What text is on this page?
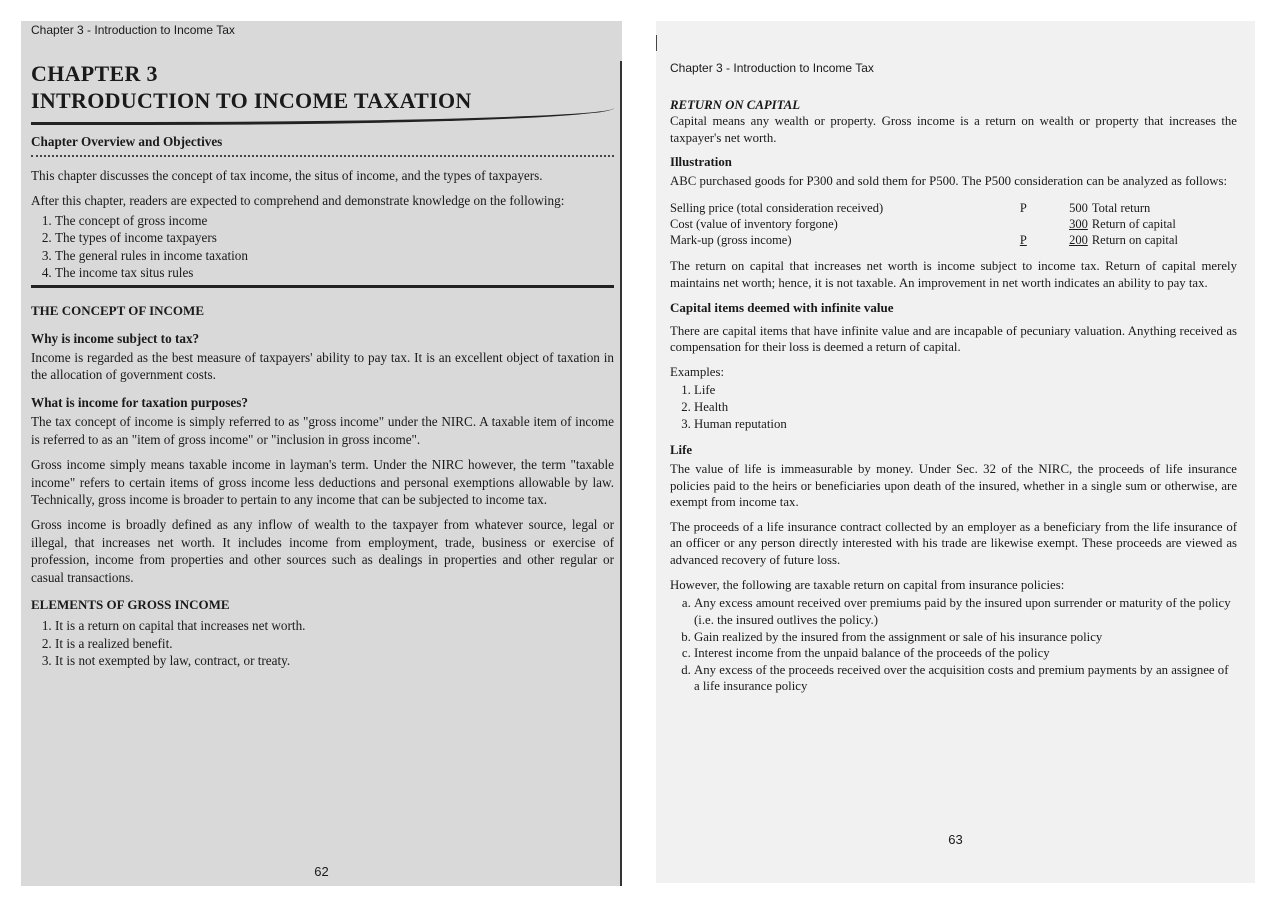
Chapter 3 - Introduction to Income Tax

CHAPTER 3
INTRODUCTION TO INCOME TAXATION
Chapter Overview and Objectives

This chapter discusses the concept of tax income, the situs of income, and the types of taxpayers.

After this chapter, readers are expected to comprehend and demonstrate knowledge on the following:

1. The concept of gross income
2. The types of income taxpayers
3. The general rules in income taxation
4. The income tax situs rules
THE CONCEPT OF INCOME
Why is income subject to tax?

Income is regarded as the best measure of taxpayers' ability to pay tax. It is an excellent object of taxation in the allocation of government costs.

What is income for taxation purposes?

The tax concept of income is simply referred to as "gross income" under the NIRC. A taxable item of income is referred to as an "item of gross income" or "inclusion in gross income".

Gross income simply means taxable income in layman's term. Under the NIRC however, the term "taxable income" refers to certain items of gross income less deductions and personal exemptions allowable by law. Technically, gross income is broader to pertain to any income that can be subjected to income tax.

Gross income is broadly defined as any inflow of wealth to the taxpayer from whatever source, legal or illegal, that increases net worth. It includes income from employment, trade, business or exercise of profession, income from properties and other sources such as dealings in properties and other regular or casual transactions.

ELEMENTS OF GROSS INCOME
1. It is a return on capital that increases net worth.
2. It is a realized benefit.
3. It is not exempted by law, contract, or treaty.
62

Chapter 3 - Introduction to Income Tax

RETURN ON CAPITAL

Capital means any wealth or property. Gross income is a return on wealth or property that increases the taxpayer's net worth.

Illustration

ABC purchased goods for P300 and sold them for P500. The P500 consideration can be analyzed as follows:

Selling price (total consideration received)	P	500	Total return
Cost (value of inventory forgone)		300	Return of capital
Mark-up (gross income)	P	200	Return on capital

The return on capital that increases net worth is income subject to income tax. Return of capital merely maintains net worth; hence, it is not taxable. An improvement in net worth indicates an ability to pay tax.

Capital items deemed with infinite value

There are capital items that have infinite value and are incapable of pecuniary valuation. Anything received as compensation for their loss is deemed a return of capital.

Examples:

1. Life
2. Health
3. Human reputation
Life

The value of life is immeasurable by money. Under Sec. 32 of the NIRC, the proceeds of life insurance policies paid to the heirs or beneficiaries upon death of the insured, whether in a single sum or otherwise, are exempt from income tax.

The proceeds of a life insurance contract collected by an employer as a beneficiary from the life insurance of an officer or any person directly interested with his trade are likewise exempt. These proceeds are viewed as advanced recovery of future loss.

However, the following are taxable return on capital from insurance policies:

a. Any excess amount received over premiums paid by the insured upon surrender or maturity of the policy (i.e. the insured outlives the policy.)
b. Gain realized by the insured from the assignment or sale of his insurance policy
c. Interest income from the unpaid balance of the proceeds of the policy
d. Any excess of the proceeds received over the acquisition costs and premium payments by an assignee of a life insurance policy
63
